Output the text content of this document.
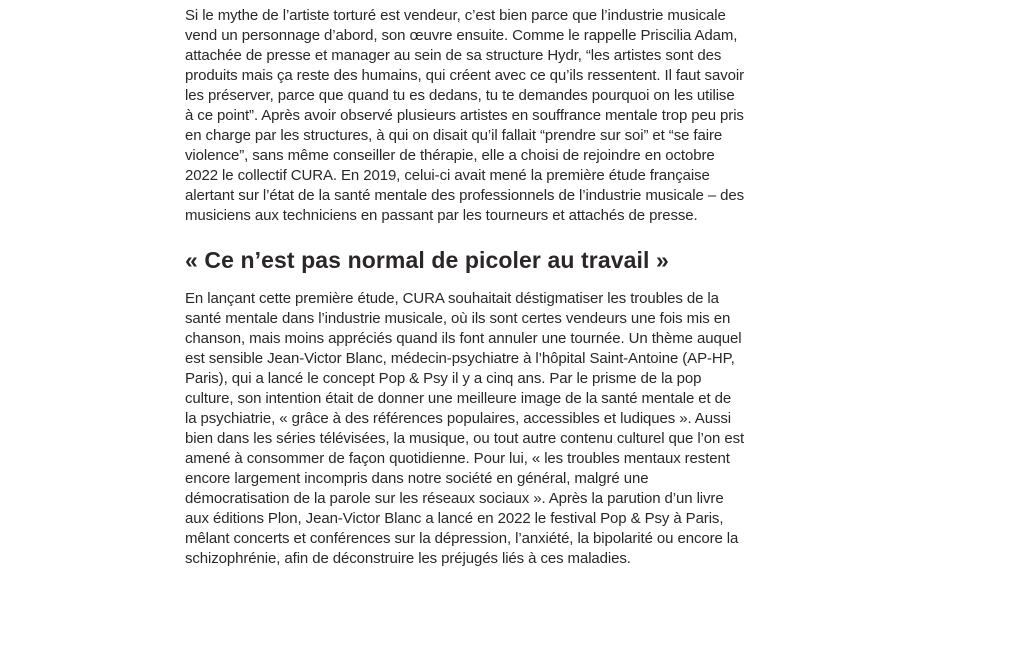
Si le mythe de l’artiste torturé est vendeur, c’est bien parce que l’industrie musicale vend un personnage d’abord, son œuvre ensuite. Comme le rappelle Priscilia Adam, attachée de presse et manager au sein de sa structure Hydr, “les artistes sont des produits mais ça reste des humains, qui créent avec ce qu’ils ressentent. Il faut savoir les préserver, parce que quand tu es dedans, tu te demandes pourquoi on les utilise à ce point”. Après avoir observé plusieurs artistes en souffrance mentale trop peu pris en charge par les structures, à qui on disait qu’il fallait “prendre sur soi” et “se faire violence”, sans même conseiller de thérapie, elle a choisi de rejoindre en octobre 2022 le collectif CURA. En 2019, celui-ci avait mené la première étude française alertant sur l’état de la santé mentale des professionnels de l’industrie musicale – des musiciens aux techniciens en passant par les tourneurs et attachés de presse.

« Ce n’est pas normal de picoler au travail »

En lançant cette première étude, CURA souhaitait déstigmatiser les troubles de la santé mentale dans l’industrie musicale, où ils sont certes vendeurs une fois mis en chanson, mais moins appréciés quand ils font annuler une tournée. Un thème auquel est sensible Jean-Victor Blanc, médecin-psychiatre à l’hôpital Saint-Antoine (AP-HP, Paris), qui a lancé le concept Pop & Psy il y a cinq ans. Par le prisme de la pop culture, son intention était de donner une meilleure image de la santé mentale et de la psychiatrie, « grâce à des références populaires, accessibles et ludiques ». Aussi bien dans les séries télévisées, la musique, ou tout autre contenu culturel que l’on est amené à consommer de façon quotidienne. Pour lui, « les troubles mentaux restent encore largement incompris dans notre société en général, malgré une démocratisation de la parole sur les réseaux sociaux ». Après la parution d’un livre aux éditions Plon, Jean-Victor Blanc a lancé en 2022 le festival Pop & Psy à Paris, mêlant concerts et conférences sur la dépression, l’anxiété, la bipolarité ou encore la schizophrénie, afin de déconstruire les préjugés liés à ces maladies.
